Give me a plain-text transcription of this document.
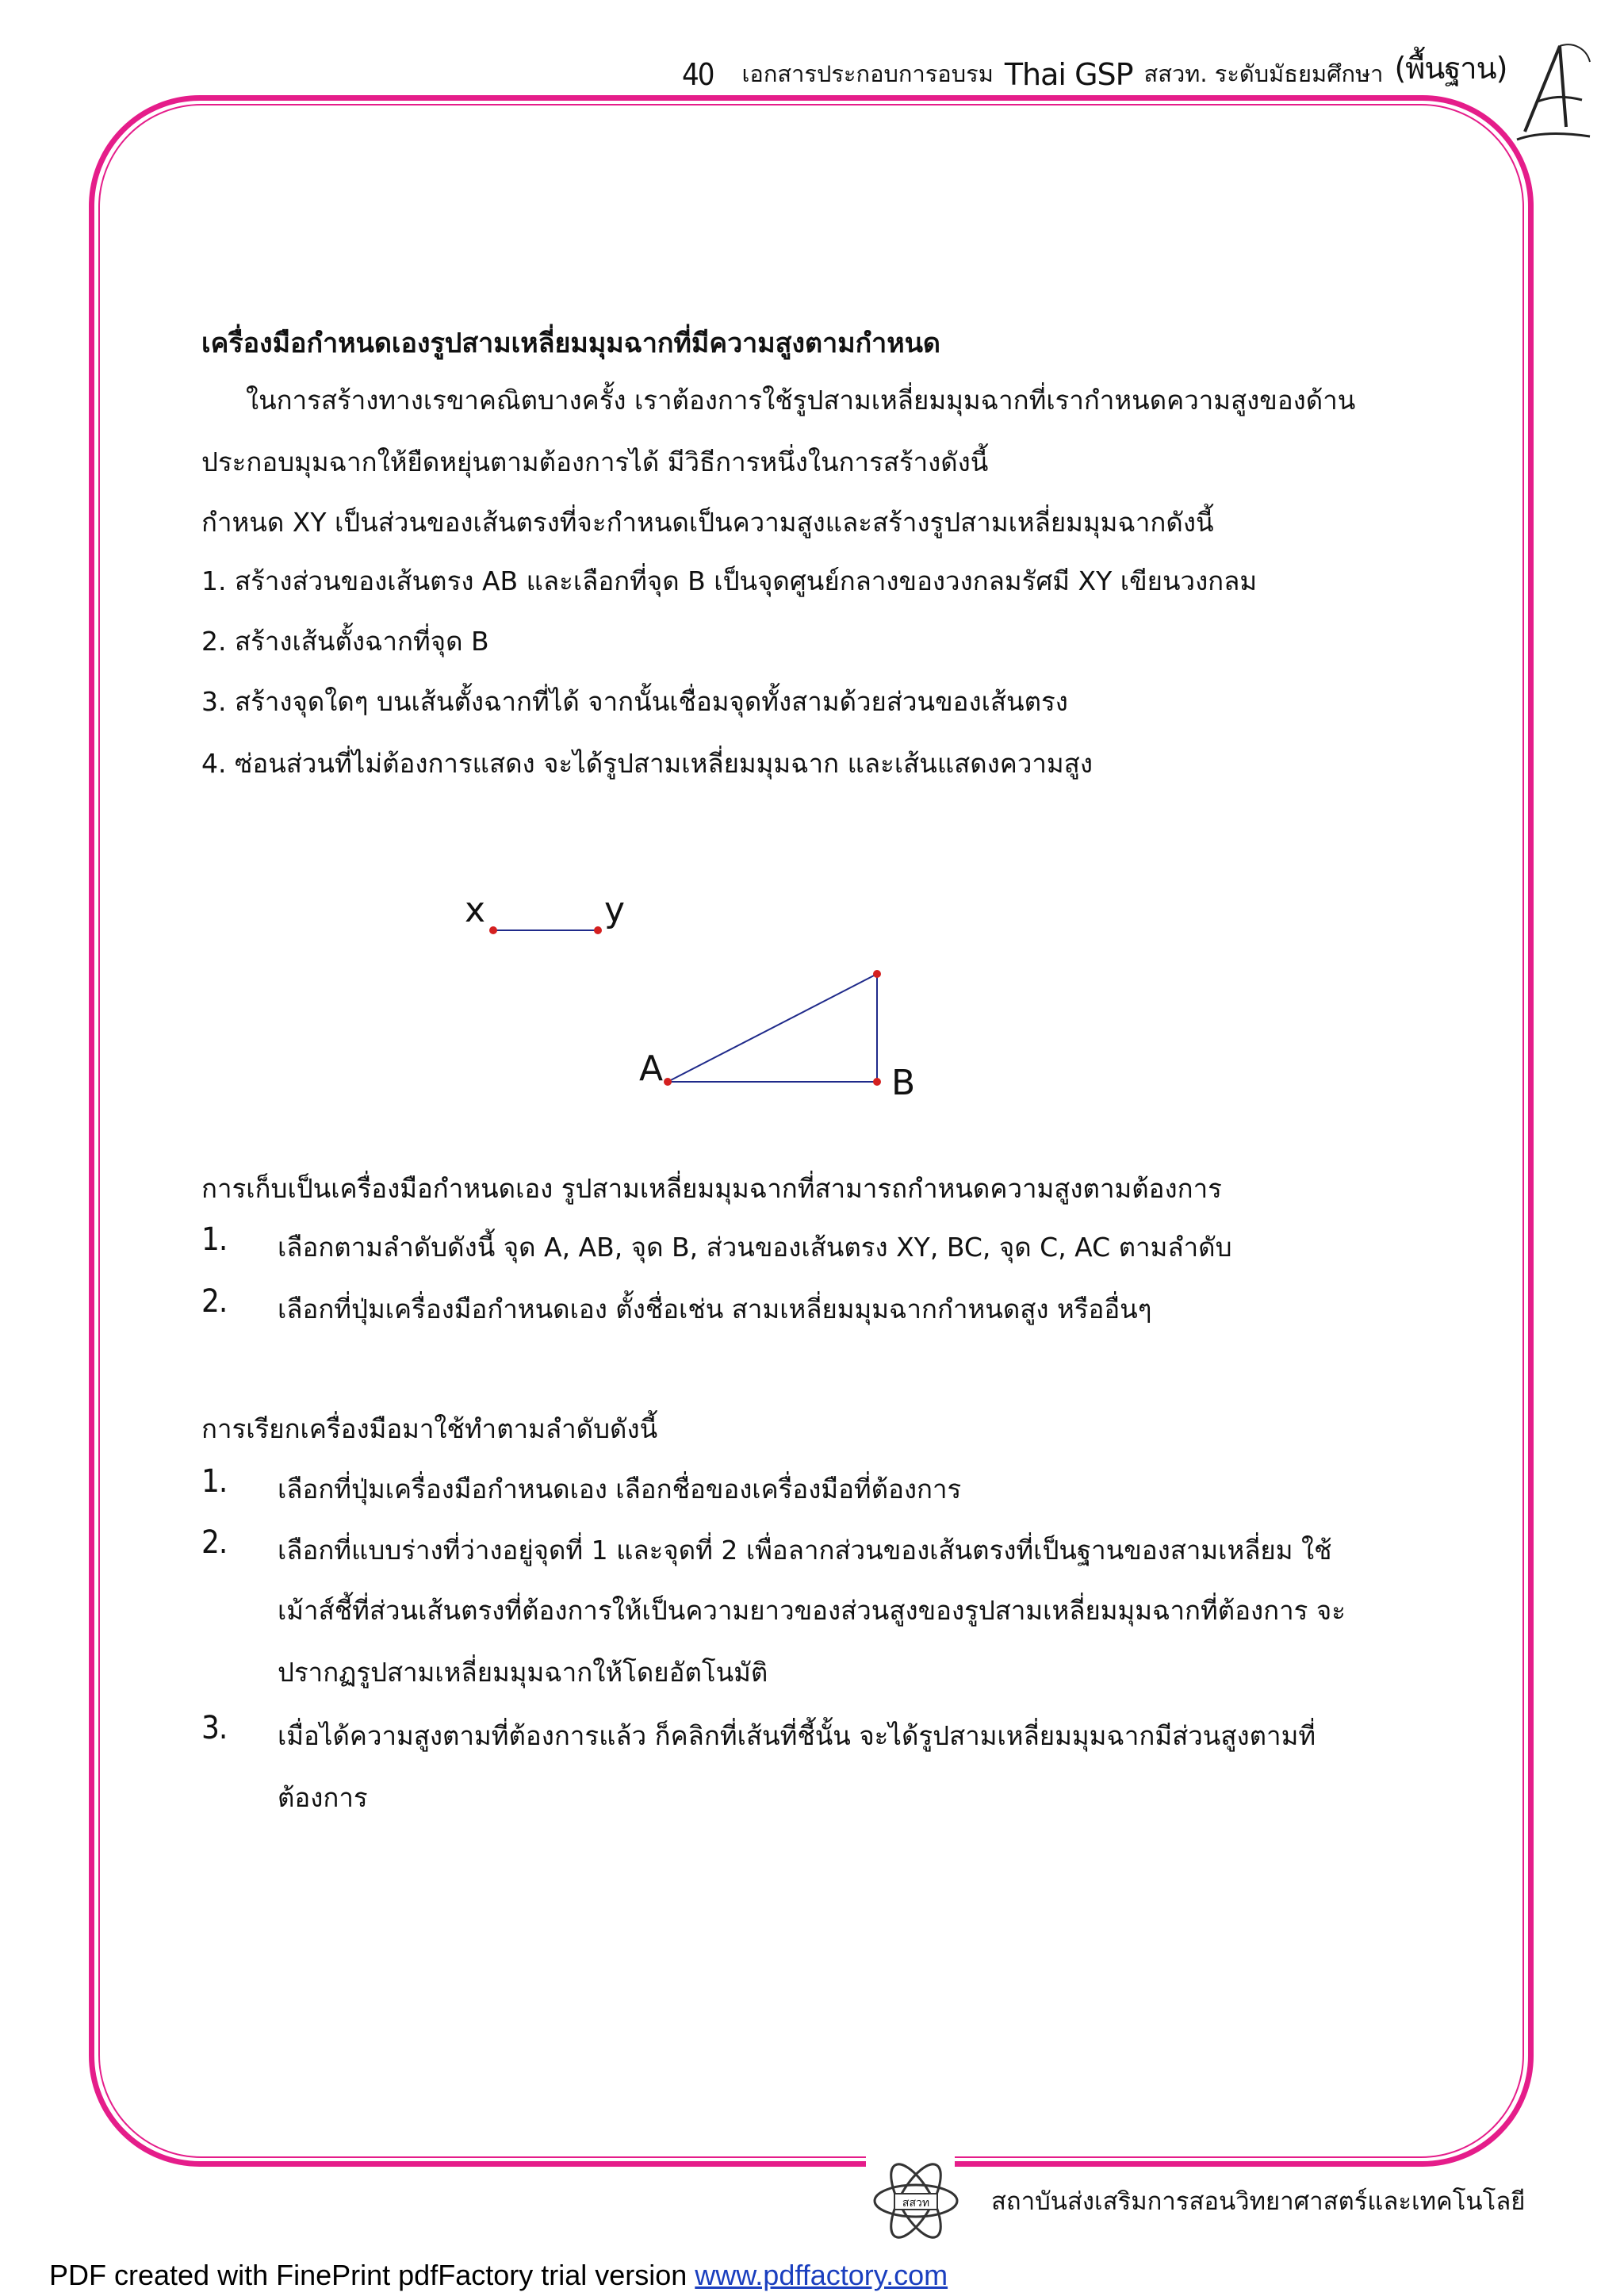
40 เอกสารประกอบการอบรม Thai GSP สสวท. ระดับมัธยมศึกษา (พื้นฐาน)
เครื่องมือกำหนดเองรูปสามเหลี่ยมมุมฉากที่มีความสูงตามกำหนด
ในการสร้างทางเรขาคณิตบางครั้ง เราต้องการใช้รูปสามเหลี่ยมมุมฉากที่เรากำหนดความสูงของด้าน
ประกอบมุมฉากให้ยืดหยุ่นตามต้องการได้ มีวิธีการหนึ่งในการสร้างดังนี้
กำหนด XY เป็นส่วนของเส้นตรงที่จะกำหนดเป็นความสูงและสร้างรูปสามเหลี่ยมมุมฉากดังนี้
1. สร้างส่วนของเส้นตรง AB และเลือกที่จุด B เป็นจุดศูนย์กลางของวงกลมรัศมี XY เขียนวงกลม
2. สร้างเส้นตั้งฉากที่จุด B
3. สร้างจุดใดๆ บนเส้นตั้งฉากที่ได้ จากนั้นเชื่อมจุดทั้งสามด้วยส่วนของเส้นตรง
4. ซ่อนส่วนที่ไม่ต้องการแสดง จะได้รูปสามเหลี่ยมมุมฉาก และเส้นแสดงความสูง
x	y
A	B
การเก็บเป็นเครื่องมือกำหนดเอง รูปสามเหลี่ยมมุมฉากที่สามารถกำหนดความสูงตามต้องการ
1. เลือกตามลำดับดังนี้ จุด A, AB, จุด B, ส่วนของเส้นตรง XY, BC, จุด C, AC ตามลำดับ
2. เลือกที่ปุ่มเครื่องมือกำหนดเอง ตั้งชื่อเช่น สามเหลี่ยมมุมฉากกำหนดสูง หรืออื่นๆ
การเรียกเครื่องมือมาใช้ทำตามลำดับดังนี้
1. เลือกที่ปุ่มเครื่องมือกำหนดเอง เลือกชื่อของเครื่องมือที่ต้องการ
2. เลือกที่แบบร่างที่ว่างอยู่จุดที่ 1 และจุดที่ 2 เพื่อลากส่วนของเส้นตรงที่เป็นฐานของสามเหลี่ยม ใช้
เม้าส์ชี้ที่ส่วนเส้นตรงที่ต้องการให้เป็นความยาวของส่วนสูงของรูปสามเหลี่ยมมุมฉากที่ต้องการ จะ
ปรากฏรูปสามเหลี่ยมมุมฉากให้โดยอัตโนมัติ
3. เมื่อได้ความสูงตามที่ต้องการแล้ว ก็คลิกที่เส้นที่ชี้นั้น จะได้รูปสามเหลี่ยมมุมฉากมีส่วนสูงตามที่
ต้องการ
สสวท	สถาบันส่งเสริมการสอนวิทยาศาสตร์และเทคโนโลยี
PDF created with FinePrint pdfFactory trial version www.pdffactory.com
